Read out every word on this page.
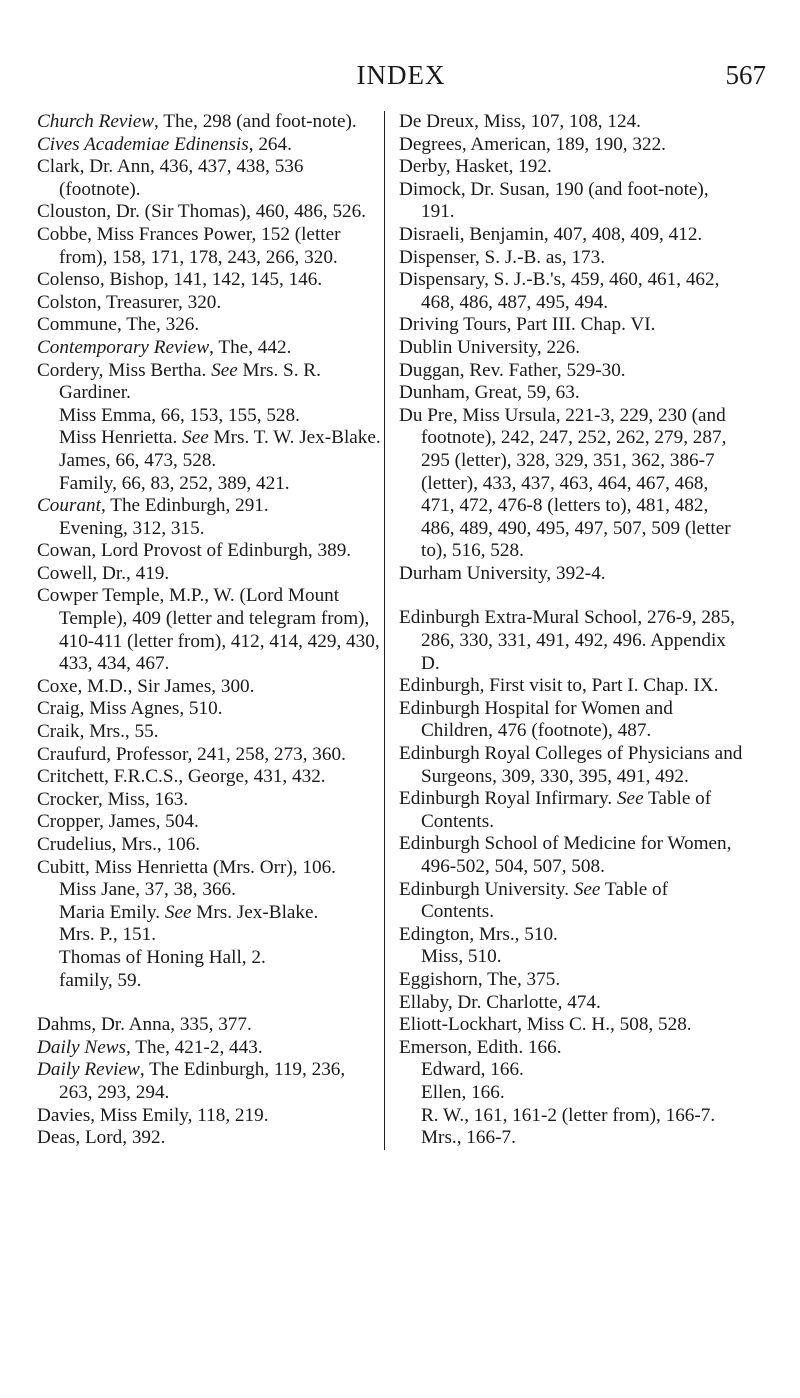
INDEX	567
Church Review, The, 298 (and foot-note).
Cives Academiae Edinensis, 264.
Clark, Dr. Ann, 436, 437, 438, 536 (footnote).
Clouston, Dr. (Sir Thomas), 460, 486, 526.
Cobbe, Miss Frances Power, 152 (letter from), 158, 171, 178, 243, 266, 320.
Colenso, Bishop, 141, 142, 145, 146.
Colston, Treasurer, 320.
Commune, The, 326.
Contemporary Review, The, 442.
Cordery, Miss Bertha. See Mrs. S. R. Gardiner.
Miss Emma, 66, 153, 155, 528.
Miss Henrietta. See Mrs. T. W. Jex-Blake.
James, 66, 473, 528.
Family, 66, 83, 252, 389, 421.
Courant, The Edinburgh, 291.
Evening, 312, 315.
Cowan, Lord Provost of Edinburgh, 389.
Cowell, Dr., 419.
Cowper Temple, M.P., W. (Lord Mount Temple), 409 (letter and telegram from), 410-411 (letter from), 412, 414, 429, 430, 433, 434, 467.
Coxe, M.D., Sir James, 300.
Craig, Miss Agnes, 510.
Craik, Mrs., 55.
Craufurd, Professor, 241, 258, 273, 360.
Critchett, F.R.C.S., George, 431, 432.
Crocker, Miss, 163.
Cropper, James, 504.
Crudelius, Mrs., 106.
Cubitt, Miss Henrietta (Mrs. Orr), 106.
Miss Jane, 37, 38, 366.
Maria Emily. See Mrs. Jex-Blake.
Mrs. P., 151.
Thomas of Honing Hall, 2.
family, 59.
Dahms, Dr. Anna, 335, 377.
Daily News, The, 421-2, 443.
Daily Review, The Edinburgh, 119, 236, 263, 293, 294.
Davies, Miss Emily, 118, 219.
Deas, Lord, 392.
De Dreux, Miss, 107, 108, 124.
Degrees, American, 189, 190, 322.
Derby, Hasket, 192.
Dimock, Dr. Susan, 190 (and foot-note), 191.
Disraeli, Benjamin, 407, 408, 409, 412.
Dispenser, S. J.-B. as, 173.
Dispensary, S. J.-B.'s, 459, 460, 461, 462, 468, 486, 487, 495, 494.
Driving Tours, Part III. Chap. VI.
Dublin University, 226.
Duggan, Rev. Father, 529-30.
Dunham, Great, 59, 63.
Du Pre, Miss Ursula, 221-3, 229, 230 (and footnote), 242, 247, 252, 262, 279, 287, 295 (letter), 328, 329, 351, 362, 386-7 (letter), 433, 437, 463, 464, 467, 468, 471, 472, 476-8 (letters to), 481, 482, 486, 489, 490, 495, 497, 507, 509 (letter to), 516, 528.
Durham University, 392-4.
Edinburgh Extra-Mural School, 276-9, 285, 286, 330, 331, 491, 492, 496. Appendix D.
Edinburgh, First visit to, Part I. Chap. IX.
Edinburgh Hospital for Women and Children, 476 (footnote), 487.
Edinburgh Royal Colleges of Physicians and Surgeons, 309, 330, 395, 491, 492.
Edinburgh Royal Infirmary. See Table of Contents.
Edinburgh School of Medicine for Women, 496-502, 504, 507, 508.
Edinburgh University. See Table of Contents.
Edington, Mrs., 510.
Miss, 510.
Eggishorn, The, 375.
Ellaby, Dr. Charlotte, 474.
Eliott-Lockhart, Miss C. H., 508, 528.
Emerson, Edith. 166.
Edward, 166.
Ellen, 166.
R. W., 161, 161-2 (letter from), 166-7.
Mrs., 166-7.
